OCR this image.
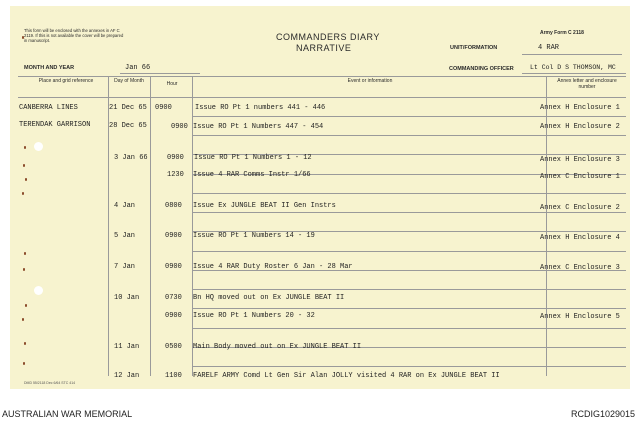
This form will be enclosed with the annexes in AF C 2119. If this is not available the cover will be prepared in manuscript.	COMMANDERS DIARY
NARRATIVE
Army Form C 2118
UNIT/FORMATION	4 RAR
MONTH AND YEAR	Jan 66	COMMANDING OFFICER Lt Col D S THOMSON, MC
Place and grid reference	Day of Month	Hour	Event or information	Annex letter and enclosure number
CANBERRA LINES	21 Dec 65 0900	Issue RO Pt 1 numbers 441 - 446	Annex H Enclosure 1
TERENDAK GARRISON	28 Dec 65	0900 Issue RO Pt 1 Numbers 447 - 454	Annex H Enclosure 2
3 Jan 66	0900 Issue RO Pt 1 Numbers 1 - 12	Annex H Enclosure 3
1230 Issue 4 RAR Comms Instr 1/66	Annex C Enclosure 1
4 Jan	0800 Issue Ex JUNGLE BEAT II Gen Instrs	Annex C Enclosure 2
5 Jan	0900 Issue RO Pt 1 Numbers 14 - 19	Annex H Enclosure 4
7 Jan	0900 Issue 4 RAR Duty Roster 6 Jan - 28 Mar	Annex C Enclosure 3
10 Jan	0730 Bn HQ moved out on Ex JUNGLE BEAT II
0900 Issue RO Pt 1 Numbers 20 - 32	Annex H Enclosure 5
11 Jan	0500 Main Body moved out on Ex JUNGLE BEAT II
12 Jan	1100 FARELF ARMY Comd Lt Gen Sir Alan JOLLY visited 4 RAR on Ex JUNGLE BEAT II
DMD 55/2118 Dec 6/64 STC 414
AUSTRALIAN WAR MEMORIAL	RCDIG1029015
